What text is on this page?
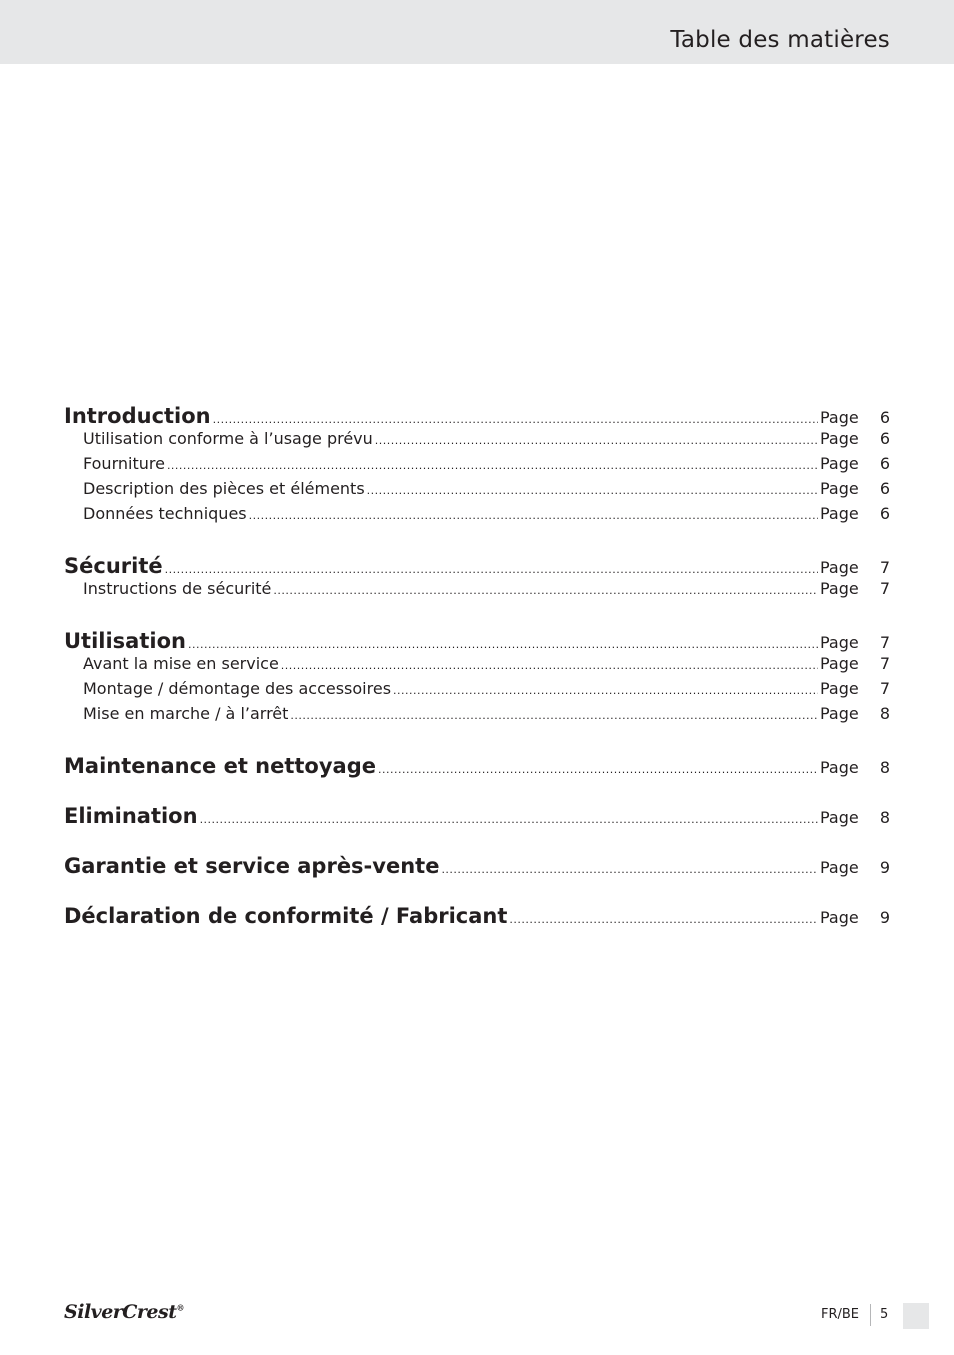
Table des matières
Introduction .....	Page	6
Utilisation conforme à l’usage prévu .....	Page	6
Fourniture .....	Page	6
Description des pièces et éléments .....	Page	6
Données techniques .....	Page	6
Sécurité .....	Page	7
Instructions de sécurité .....	Page	7
Utilisation .....	Page	7
Avant la mise en service .....	Page	7
Montage / démontage des accessoires .....	Page	7
Mise en marche / à l’arrêt .....	Page	8
Maintenance et nettoyage .....	Page	8
Elimination .....	Page	8
Garantie et service après-vente .....	Page	9
Déclaration de conformité / Fabricant .....	Page	9
SilverCrest®	FR/BE 5
